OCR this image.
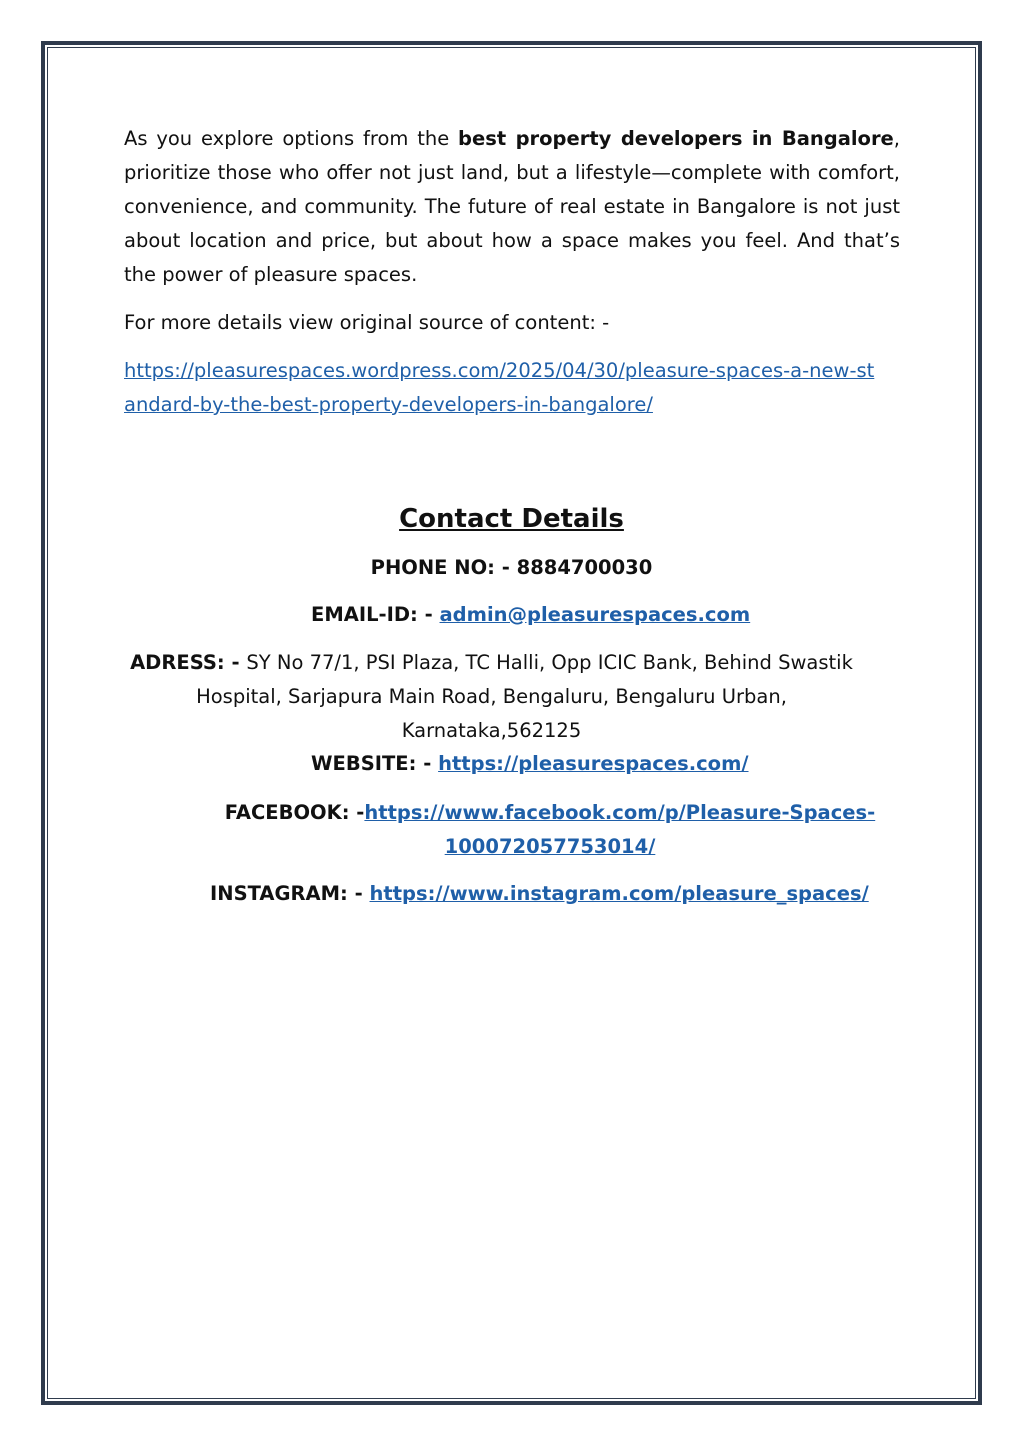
As you explore options from the best property developers in Bangalore, prioritize those who offer not just land, but a lifestyle—complete with comfort, convenience, and community. The future of real estate in Bangalore is not just about location and price, but about how a space makes you feel. And that’s the power of pleasure spaces.

For more details view original source of content: -

https://pleasurespaces.wordpress.com/2025/04/30/pleasure-spaces-a-new-standard-by-the-best-property-developers-in-bangalore/
Contact Details
PHONE NO: - 8884700030
EMAIL-ID: - admin@pleasurespaces.com
ADRESS: - SY No 77/1, PSI Plaza, TC Halli, Opp ICIC Bank, Behind Swastik Hospital, Sarjapura Main Road, Bengaluru, Bengaluru Urban, Karnataka,562125
WEBSITE: - https://pleasurespaces.com/
FACEBOOK: -https://www.facebook.com/p/Pleasure-Spaces-100072057753014/
INSTAGRAM: - https://www.instagram.com/pleasure_spaces/
